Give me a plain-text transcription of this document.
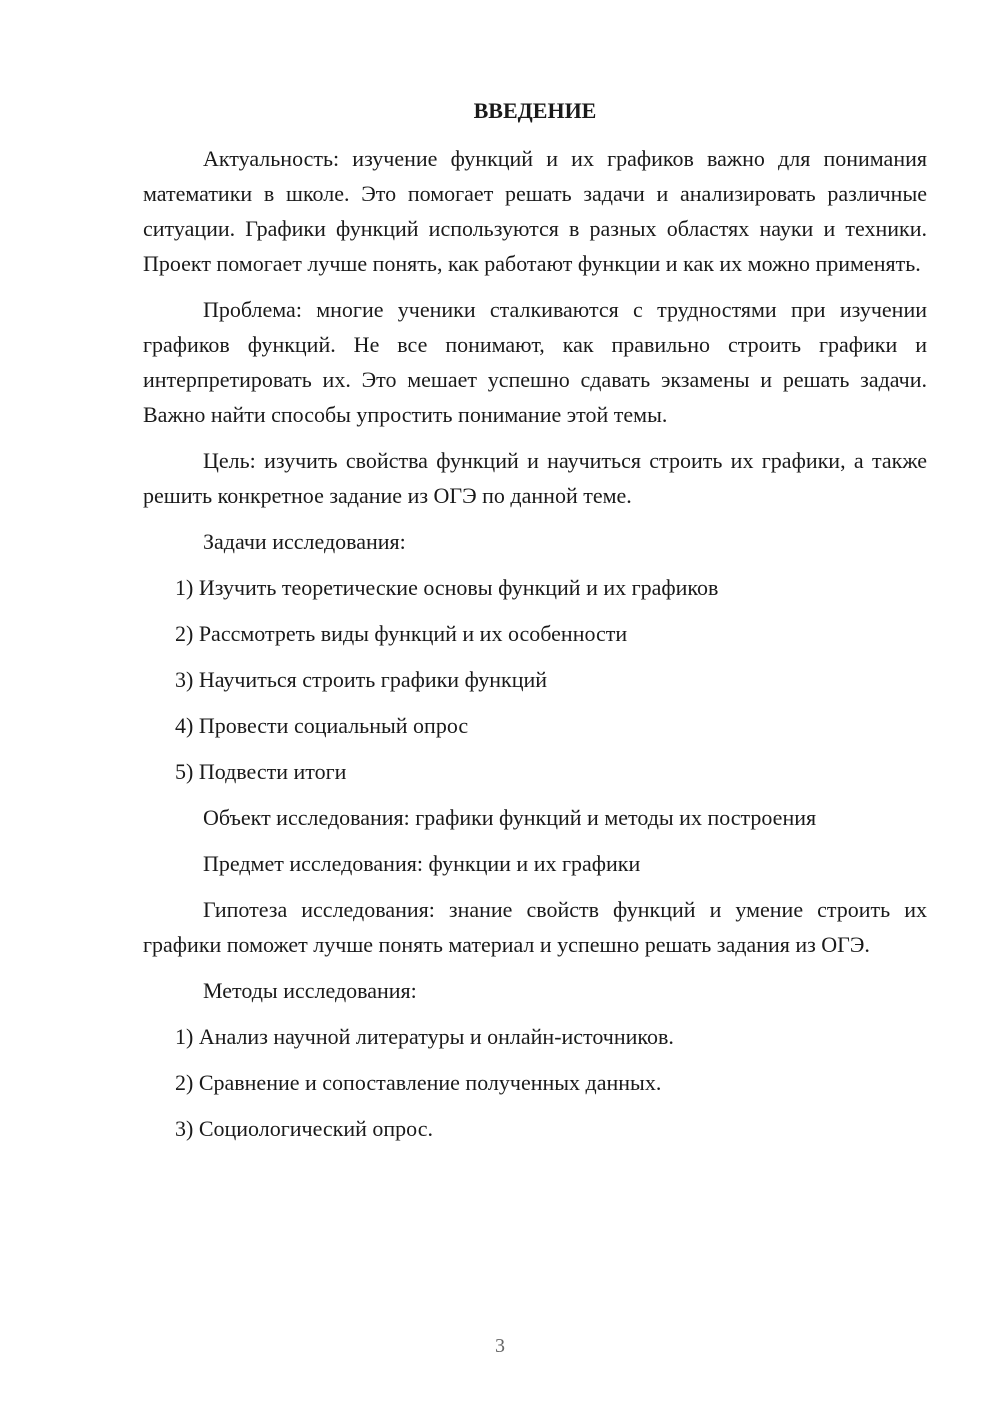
ВВЕДЕНИЕ

Актуальность: изучение функций и их графиков важно для понимания математики в школе. Это помогает решать задачи и анализировать различные ситуации. Графики функций используются в разных областях науки и техники. Проект помогает лучше понять, как работают функции и как их можно применять.

Проблема: многие ученики сталкиваются с трудностями при изучении графиков функций. Не все понимают, как правильно строить графики и интерпретировать их. Это мешает успешно сдавать экзамены и решать задачи. Важно найти способы упростить понимание этой темы.

Цель: изучить свойства функций и научиться строить их графики, а также решить конкретное задание из ОГЭ по данной теме.

Задачи исследования:
1) Изучить теоретические основы функций и их графиков
2) Рассмотреть виды функций и их особенности
3) Научиться строить графики функций
4) Провести социальный опрос
5) Подвести итоги
Объект исследования: графики функций и методы их построения
Предмет исследования: функции и их графики

Гипотеза исследования: знание свойств функций и умение строить их графики поможет лучше понять материал и успешно решать задания из ОГЭ.

Методы исследования:
1) Анализ научной литературы и онлайн-источников.
2) Сравнение и сопоставление полученных данных.
3) Социологический опрос.
3
